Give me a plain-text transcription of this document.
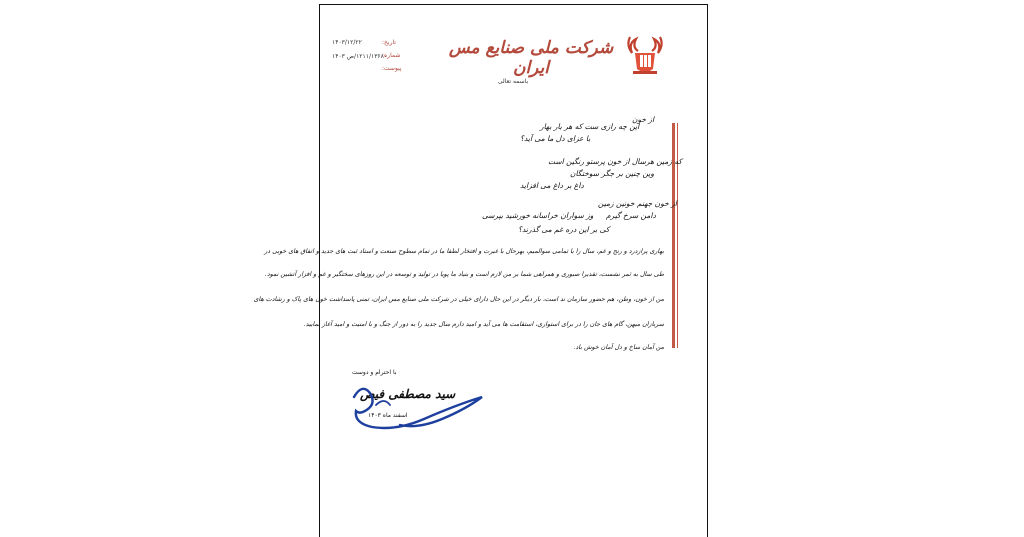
۱۴۰۳/۱۲/۲۲
۱۲۱۱/۱۳۶۸۰/ص ۱۴۰۳
تاریخ:
شماره:
پیوست:
شرکت ملی صنایع مس ایران
باسمه تعالی
از خون
این چه رازی ست که هر بار بهار
با عزای دل ما می آید؟
که زمین هرسال از خون پرستو رنگین است
وین چنین بر جگر سوختگان
داغ بر داغ می افزاید
از خون جهنم خونین زمین
دامن سرخ گیرم
وز سواران خراسانه خورشید بپرسی
کی بر این دره غم می گذرند؟
بهاری پرازدرد و رنج و غم، سال را با تمامی سوالمیم، بهرحال با غیرت و افتخار لطفا ما در تمام سطوح صنعت و استاد ثبت های جدید و اتفاق های خوبی در
طی سال به ثمر نشست، تقدیرا صبوری و همراهی شما بر من لازم است و بنیاد ما پویا در تولید و توسعه در این روزهای سختگیر و غم و افزار آتشین نمود.
من از خون، وطن، هم حضور سازمان ند است، بار دیگر در این حال دارای خیلی در شرکت ملی صنایع مس ایران، تمنی پاسداشت خون های پاک و رشادت های
سربازان میهن، گام های جان را در برای استواری، استقامت ها می آید و امید دارم سال جدید را به دور از جنگ و با امنیت و امید آغاز نمایید.
من آمان ساخ و دل آمان خوش باد.
با احترام و دوست
سید مصطفی فیض
اسفند ماه ۱۴۰۳
